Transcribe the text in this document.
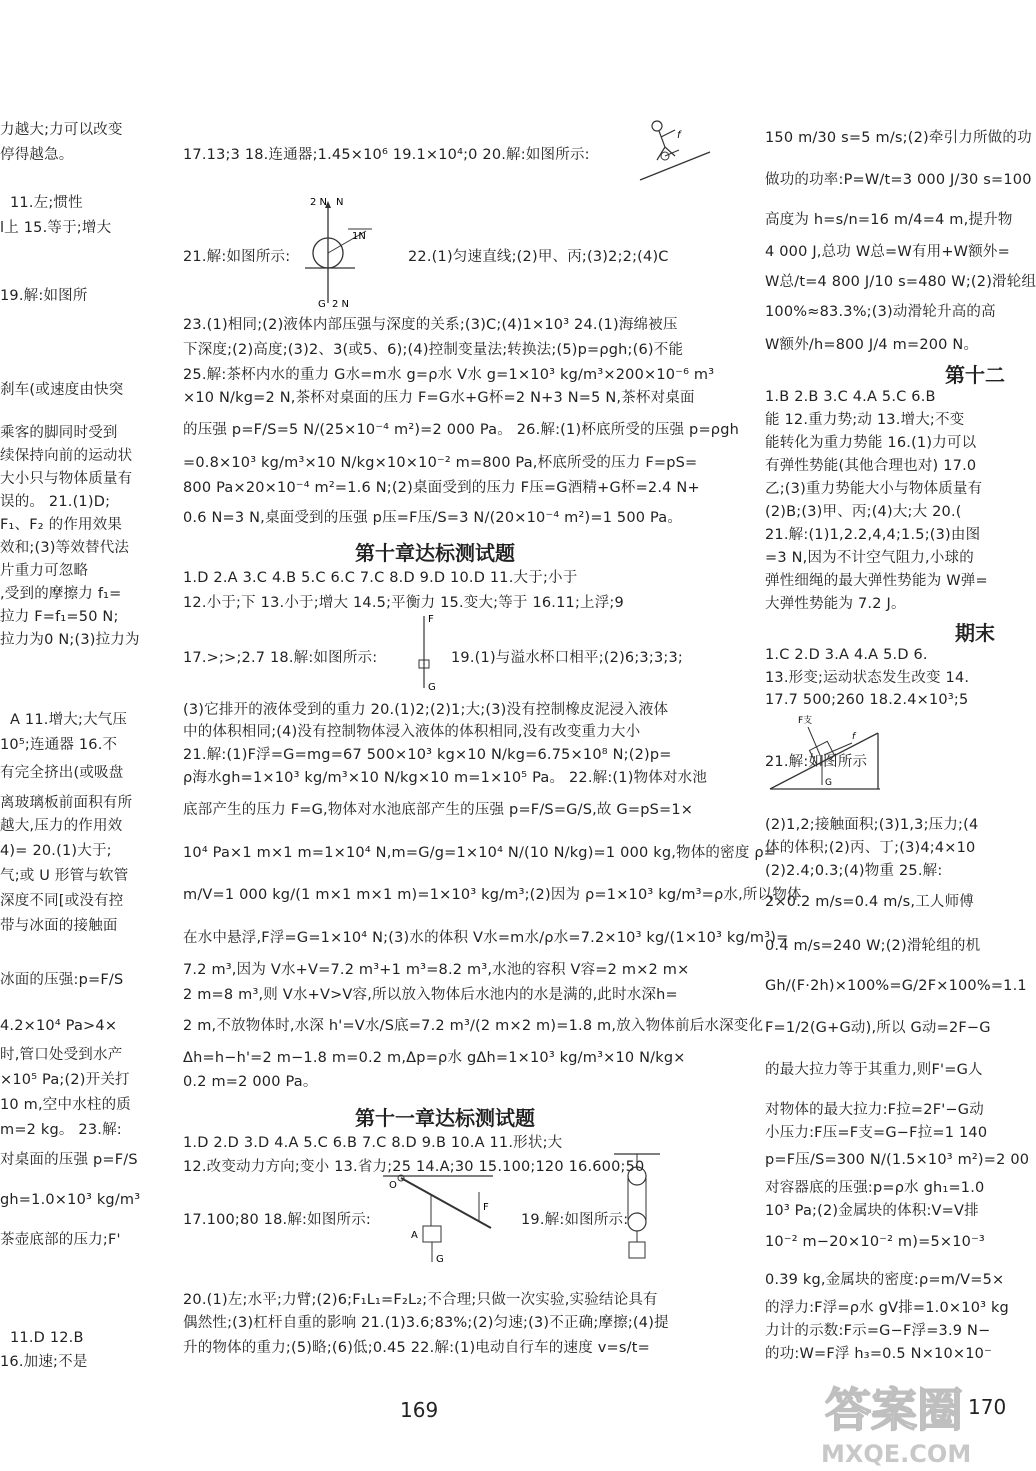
力越大;力可以改变
停得越急。
11.左;惯性
l上 15.等于;增大
19.解:如图所
刹车(或速度由快突
乘客的脚同时受到
续保持向前的运动状
大小只与物体质量有
误的。 21.(1)D;
F₁、F₂ 的作用效果
效和;(3)等效替代法
片重力可忽略
,受到的摩擦力 f₁=
拉力 F=f₁=50 N;
拉力为0 N;(3)拉力为
A 11.增大;大气压
10⁵;连通器 16.不
有完全挤出(或吸盘
离玻璃板前面积有所
越大,压力的作用效
4)= 20.(1)大于;
气;或 U 形管与软管
深度不同[或没有控
带与冰面的接触面
冰面的压强:p=F/S
4.2×10⁴ Pa>4×
时,管口处受到水产
×10⁵ Pa;(2)开关打
10 m,空中水柱的质
m=2 kg。 23.解:
对桌面的压强 p=F/S
gh=1.0×10³ kg/m³
茶壶底部的压力;F'
11.D 12.B
16.加速;不是
17.13;3 18.连通器;1.45×10⁶ 19.1×10⁴;0 20.解:如图所示:
21.解:如图所示:	22.(1)匀速直线;(2)甲、丙;(3)2;2;(4)C
23.(1)相同;(2)液体内部压强与深度的关系;(3)C;(4)1×10³ 24.(1)海绵被压
下深度;(2)高度;(3)2、3(或5、6);(4)控制变量法;转换法;(5)p=ρgh;(6)不能
25.解:茶杯内水的重力 G水=m水 g=ρ水 V水 g=1×10³ kg/m³×200×10⁻⁶ m³
×10 N/kg=2 N,茶杯对桌面的压力 F=G水+G杯=2 N+3 N=5 N,茶杯对桌面
的压强 p=F/S=5 N/(25×10⁻⁴ m²)=2 000 Pa。 26.解:(1)杯底所受的压强 p=ρgh
=0.8×10³ kg/m³×10 N/kg×10×10⁻² m=800 Pa,杯底所受的压力 F=pS=
800 Pa×20×10⁻⁴ m²=1.6 N;(2)桌面受到的压力 F压=G酒精+G杯=2.4 N+
0.6 N=3 N,桌面受到的压强 p压=F压/S=3 N/(20×10⁻⁴ m²)=1 500 Pa。
1.D 2.A 3.C 4.B 5.C 6.C 7.C 8.D 9.D 10.D 11.大于;小于
12.小于;下 13.小于;增大 14.5;平衡力 15.变大;等于 16.11;上浮;9
17.>;>;2.7 18.解:如图所示:	19.(1)与溢水杯口相平;(2)6;3;3;3;
(3)它排开的液体受到的重力 20.(1)2;(2)1;大;(3)没有控制橡皮泥浸入液体
中的体积相同;(4)没有控制物体浸入液体的体积相同,没有改变重力大小
21.解:(1)F浮=G=mg=67 500×10³ kg×10 N/kg=6.75×10⁸ N;(2)p=
ρ海水gh=1×10³ kg/m³×10 N/kg×10 m=1×10⁵ Pa。 22.解:(1)物体对水池
底部产生的压力 F=G,物体对水池底部产生的压强 p=F/S=G/S,故 G=pS=1×
10⁴ Pa×1 m×1 m=1×10⁴ N,m=G/g=1×10⁴ N/(10 N/kg)=1 000 kg,物体的密度 ρ=
m/V=1 000 kg/(1 m×1 m×1 m)=1×10³ kg/m³;(2)因为 ρ=1×10³ kg/m³=ρ水,所以物体
在水中悬浮,F浮=G=1×10⁴ N;(3)水的体积 V水=m水/ρ水=7.2×10³ kg/(1×10³ kg/m³)=
7.2 m³,因为 V水+V=7.2 m³+1 m³=8.2 m³,水池的容积 V容=2 m×2 m×
2 m=8 m³,则 V水+V>V容,所以放入物体后水池内的水是满的,此时水深h=
2 m,不放物体时,水深 h'=V水/S底=7.2 m³/(2 m×2 m)=1.8 m,放入物体前后水深变化
Δh=h−h'=2 m−1.8 m=0.2 m,Δp=ρ水 gΔh=1×10³ kg/m³×10 N/kg×
0.2 m=2 000 Pa。
1.D 2.D 3.D 4.A 5.C 6.B 7.C 8.D 9.B 10.A 11.形状;大
12.改变动力方向;变小 13.省力;25 14.A;30 15.100;120 16.600;50
17.100;80 18.解:如图所示:	19.解:如图所示:
20.(1)左;水平;力臂;(2)6;F₁L₁=F₂L₂;不合理;只做一次实验,实验结论具有
偶然性;(3)杠杆自重的影响 21.(1)3.6;83%;(2)匀速;(3)不正确;摩擦;(4)提
升的物体的重力;(5)略;(6)低;0.45 22.解:(1)电动自行车的速度 v=s/t=
第十章达标测试题
第十一章达标测试题
150 m/30 s=5 m/s;(2)牵引力所做的功
做功的功率:P=W/t=3 000 J/30 s=100
高度为 h=s/n=16 m/4=4 m,提升物
4 000 J,总功 W总=W有用+W额外=
W总/t=4 800 J/10 s=480 W;(2)滑轮组
100%≈83.3%;(3)动滑轮升高的高
W额外/h=800 J/4 m=200 N。
1.B 2.B 3.C 4.A 5.C 6.B
能 12.重力势;动 13.增大;不变
能转化为重力势能 16.(1)力可以
有弹性势能(其他合理也对) 17.0
乙;(3)重力势能大小与物体质量有
(2)B;(3)甲、丙;(4)大;大 20.(
21.解:(1)1,2.2,4,4;1.5;(3)由图
=3 N,因为不计空气阻力,小球的
弹性细绳的最大弹性势能为 W弹=
大弹性势能为 7.2 J。
1.C 2.D 3.A 4.A 5.D 6.
13.形变;运动状态发生改变 14.
17.7 500;260 18.2.4×10³;5
21.解:如图所示
(2)1,2;接触面积;(3)1,3;压力;(4
体的体积;(2)丙、丁;(3)4;4×10
(2)2.4;0.3;(4)物重 25.解:
2×0.2 m/s=0.4 m/s,工人师傅
0.4 m/s=240 W;(2)滑轮组的机
Gh/(F·2h)×100%=G/2F×100%=1.1
F=1/2(G+G动),所以 G动=2F−G
的最大拉力等于其重力,则F'=G人
对物体的最大拉力:F拉=2F'−G动
小压力:F压=F支=G−F拉=1 140
p=F压/S=300 N/(1.5×10³ m²)=2 00
对容器底的压强:p=ρ水 gh₁=1.0
10³ Pa;(2)金属块的体积:V=V排
10⁻² m−20×10⁻² m)=5×10⁻³
0.39 kg,金属块的密度:ρ=m/V=5×
的浮力:F浮=ρ水 gV排=1.0×10³ kg
力计的示数:F示=G−F浮=3.9 N−
的功:W=F浮 h₃=0.5 N×10×10⁻
第十二
期末
2 N N
1N
G 2 N
f
F
G
O
F
A
G
F支
f
G
169	170
答案圈
MXQE.COM
